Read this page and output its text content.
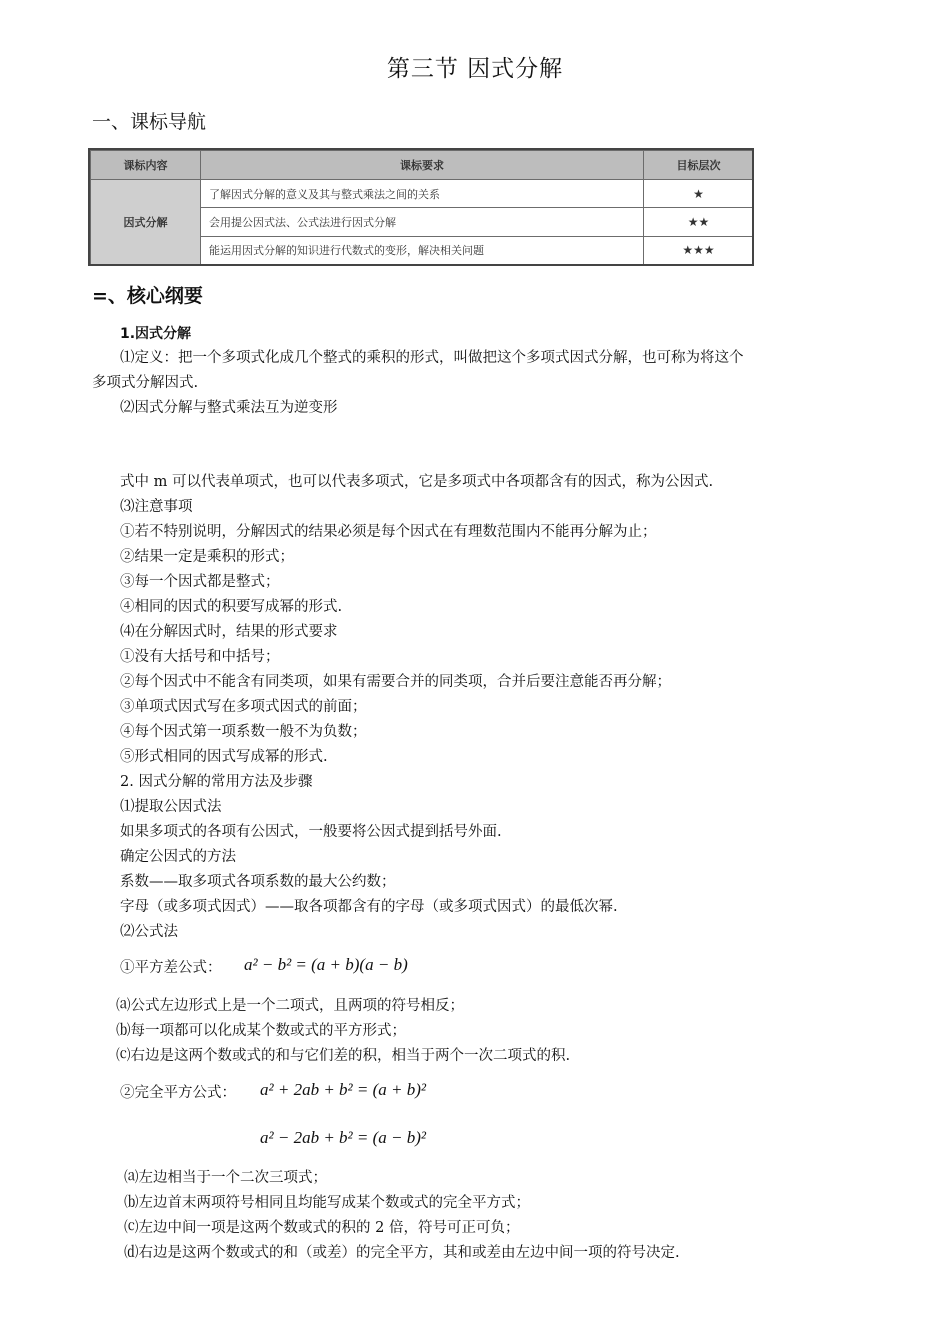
第三节 因式分解
一、课标导航
课标内容	课标要求	目标层次
因式分解	了解因式分解的意义及其与整式乘法之间的关系	★
	会用提公因式法、公式法进行因式分解	★★
	能运用因式分解的知识进行代数式的变形，解决相关问题	★★★
=、核心纲要
1.因式分解
⑴定义：把一个多项式化成几个整式的乘积的形式，叫做把这个多项式因式分解，也可称为将这个
多项式分解因式.
⑵因式分解与整式乘法互为逆变形
式中 m 可以代表单项式，也可以代表多项式，它是多项式中各项都含有的因式，称为公因式.
⑶注意事项
①若不特别说明，分解因式的结果必须是每个因式在有理数范围内不能再分解为止；
②结果一定是乘积的形式；
③每一个因式都是整式；
④相同的因式的积要写成幂的形式.
⑷在分解因式时，结果的形式要求
①没有大括号和中括号；
②每个因式中不能含有同类项，如果有需要合并的同类项，合并后要注意能否再分解；
③单项式因式写在多项式因式的前面；
④每个因式第一项系数一般不为负数；
⑤形式相同的因式写成幂的形式.
2. 因式分解的常用方法及步骤
⑴提取公因式法
如果多项式的各项有公因式，一般要将公因式提到括号外面.
确定公因式的方法
系数——取多项式各项系数的最大公约数；
字母（或多项式因式）——取各项都含有的字母（或多项式因式）的最低次幂.
⑵公式法
①平方差公式： a² − b² = (a + b)(a − b)
⒜公式左边形式上是一个二项式，且两项的符号相反；
⒝每一项都可以化成某个数或式的平方形式；
⒞右边是这两个数或式的和与它们差的积，相当于两个一次二项式的积.
②完全平方公式： a² + 2ab + b² = (a + b)²
a² − 2ab + b² = (a − b)²
⒜左边相当于一个二次三项式；
⒝左边首末两项符号相同且均能写成某个数或式的完全平方式；
⒞左边中间一项是这两个数或式的积的 2 倍，符号可正可负；
⒟右边是这两个数或式的和（或差）的完全平方，其和或差由左边中间一项的符号决定.
